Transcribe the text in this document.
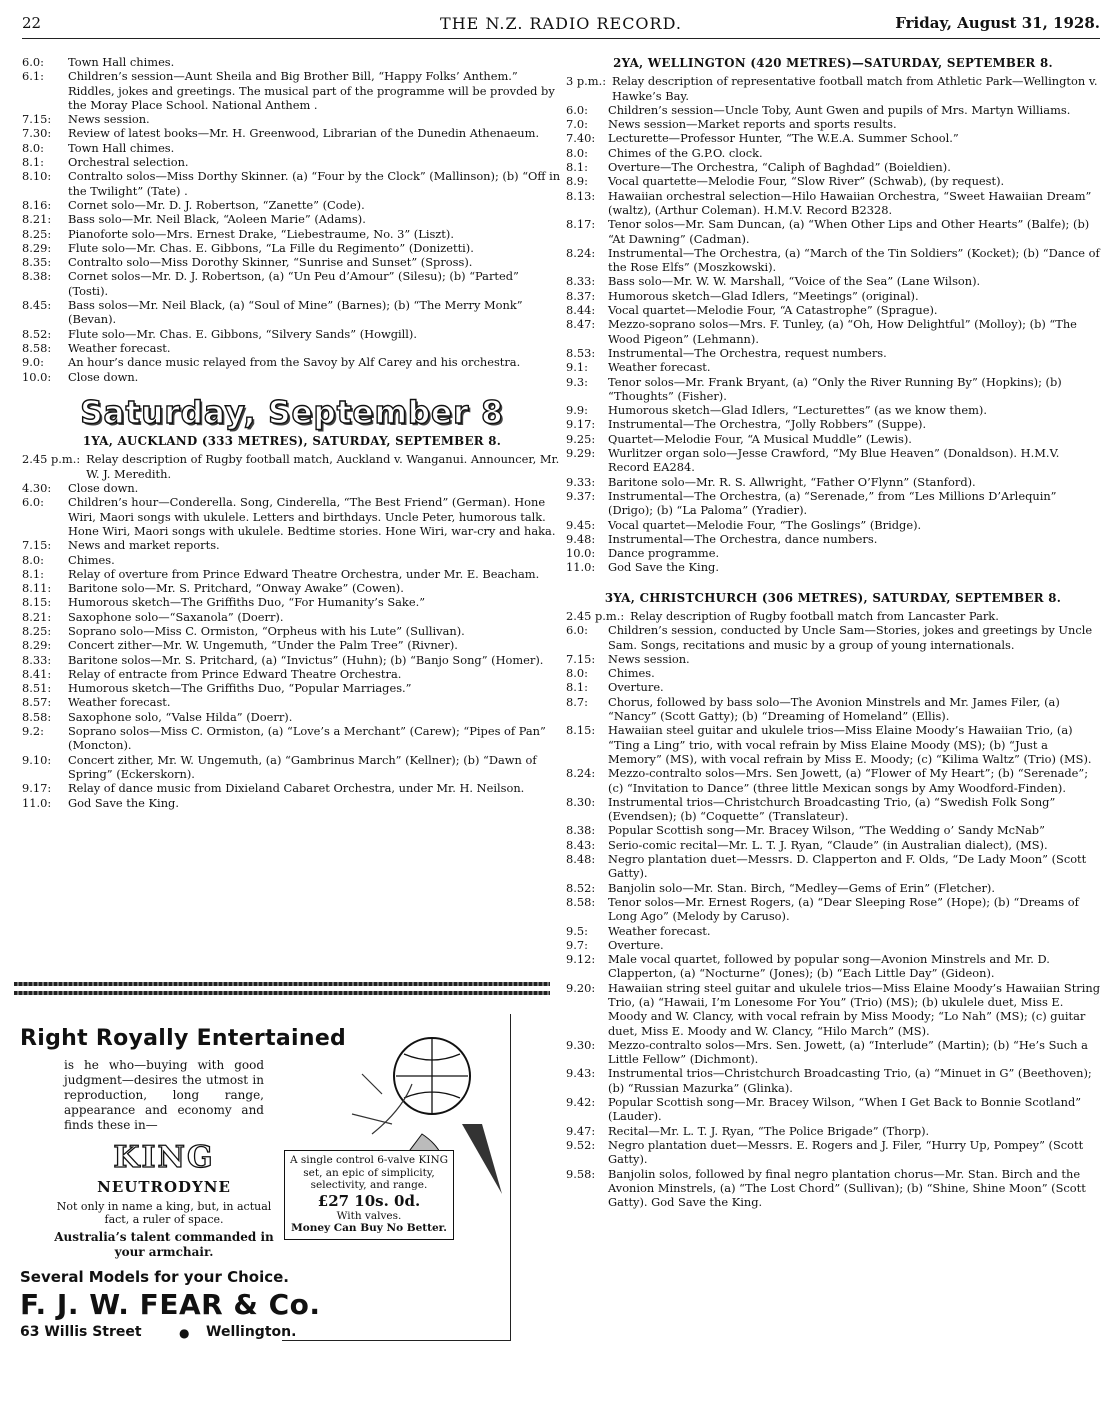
22	THE N.Z. RADIO RECORD.	Friday, August 31, 1928.
6.0:	Town Hall chimes.
6.1:	Children’s session—Aunt Sheila and Big Brother Bill, “Happy Folks’ Anthem.” Riddles, jokes and greetings. The musical part of the programme will be provded by the Moray Place School. National Anthem .
7.15:	News session.
7.30:	Review of latest books—Mr. H. Greenwood, Librarian of the Dunedin Athenaeum.
8.0:	Town Hall chimes.
8.1:	Orchestral selection.
8.10:	Contralto solos—Miss Dorthy Skinner. (a) “Four by the Clock” (Mallinson); (b) “Off in the Twilight” (Tate) .
8.16:	Cornet solo—Mr. D. J. Robertson, “Zanette” (Code).
8.21:	Bass solo—Mr. Neil Black, “Aoleen Marie” (Adams).
8.25:	Pianoforte solo—Mrs. Ernest Drake, “Liebestraume, No. 3” (Liszt).
8.29:	Flute solo—Mr. Chas. E. Gibbons, “La Fille du Regimento” (Donizetti).
8.35:	Contralto solo—Miss Dorothy Skinner, “Sunrise and Sunset” (Spross).
8.38:	Cornet solos—Mr. D. J. Robertson, (a) “Un Peu d’Amour” (Silesu); (b) “Parted” (Tosti).
8.45:	Bass solos—Mr. Neil Black, (a) “Soul of Mine” (Barnes); (b) “The Merry Monk” (Bevan).
8.52:	Flute solo—Mr. Chas. E. Gibbons, “Silvery Sands” (Howgill).
8.58:	Weather forecast.
9.0:	An hour’s dance music relayed from the Savoy by Alf Carey and his orchestra.
10.0:	Close down.
Saturday, September 8
1YA, AUCKLAND (333 METRES), SATURDAY, SEPTEMBER 8.
2.45 p.m.: Relay description of Rugby football match, Auckland v. Wanganui. Announcer, Mr. W. J. Meredith.
4.30:	Close down.
6.0:	Children’s hour—Conderella. Song, Cinderella, “The Best Friend” (German). Hone Wiri, Maori songs with ukulele. Letters and birthdays. Uncle Peter, humorous talk. Hone Wiri, Maori songs with ukulele. Bedtime stories. Hone Wiri, war-cry and haka.
7.15:	News and market reports.
8.0:	Chimes.
8.1:	Relay of overture from Prince Edward Theatre Orchestra, under Mr. E. Beacham.
8.11:	Baritone solo—Mr. S. Pritchard, “Onway Awake” (Cowen).
8.15:	Humorous sketch—The Griffiths Duo, “For Humanity’s Sake.”
8.21:	Saxophone solo—“Saxanola” (Doerr).
8.25:	Soprano solo—Miss C. Ormiston, “Orpheus with his Lute” (Sullivan).
8.29:	Concert zither—Mr. W. Ungemuth, “Under the Palm Tree” (Rivner).
8.33:	Baritone solos—Mr. S. Pritchard, (a) “Invictus” (Huhn); (b) “Banjo Song” (Homer).
8.41:	Relay of entracte from Prince Edward Theatre Orchestra.
8.51:	Humorous sketch—The Griffiths Duo, “Popular Marriages.”
8.57:	Weather forecast.
8.58:	Saxophone solo, “Valse Hilda” (Doerr).
9.2:	Soprano solos—Miss C. Ormiston, (a) “Love’s a Merchant” (Carew); “Pipes of Pan” (Moncton).
9.10:	Concert zither, Mr. W. Ungemuth, (a) “Gambrinus March” (Kellner); (b) “Dawn of Spring” (Eckerskorn).
9.17:	Relay of dance music from Dixieland Cabaret Orchestra, under Mr. H. Neilson.
11.0:	God Save the King.
Right Royally Entertained
is he who—buying with good judgment—desires the utmost in reproduction, long range, appearance and economy and finds these in—
KING
NEUTRODYNE
Not only in name a king, but, in actual fact, a ruler of space.
Australia’s talent commanded in your armchair.
A single control 6-valve KING set, an epic of simplicity, selectivity, and range.
£27 10s. 0d.
With valves.
Money Can Buy No Better.
Several Models for your Choice.
F. J. W. FEAR & Co.
63 Willis Street	● Wellington.
2YA, WELLINGTON (420 METRES)—SATURDAY, SEPTEMBER 8.
3 p.m.: Relay description of representative football match from Athletic Park—Wellington v. Hawke’s Bay.
6.0:	Children’s session—Uncle Toby, Aunt Gwen and pupils of Mrs. Martyn Williams.
7.0:	News session—Market reports and sports results.
7.40:	Lecturette—Professor Hunter, “The W.E.A. Summer School.”
8.0:	Chimes of the G.P.O. clock.
8.1:	Overture—The Orchestra, “Caliph of Baghdad” (Boieldien).
8.9:	Vocal quartette—Melodie Four, “Slow River” (Schwab), (by request).
8.13:	Hawaiian orchestral selection—Hilo Hawaiian Orchestra, “Sweet Hawaiian Dream” (waltz), (Arthur Coleman). H.M.V. Record B2328.
8.17:	Tenor solos—Mr. Sam Duncan, (a) “When Other Lips and Other Hearts” (Balfe); (b) “At Dawning” (Cadman).
8.24:	Instrumental—The Orchestra, (a) “March of the Tin Soldiers” (Kocket); (b) “Dance of the Rose Elfs” (Moszkowski).
8.33:	Bass solo—Mr. W. W. Marshall, “Voice of the Sea” (Lane Wilson).
8.37:	Humorous sketch—Glad Idlers, “Meetings” (original).
8.44:	Vocal quartet—Melodie Four, “A Catastrophe” (Sprague).
8.47:	Mezzo-soprano solos—Mrs. F. Tunley, (a) “Oh, How Delightful” (Molloy); (b) “The Wood Pigeon” (Lehmann).
8.53:	Instrumental—The Orchestra, request numbers.
9.1:	Weather forecast.
9.3:	Tenor solos—Mr. Frank Bryant, (a) “Only the River Running By” (Hopkins); (b) “Thoughts” (Fisher).
9.9:	Humorous sketch—Glad Idlers, “Lecturettes” (as we know them).
9.17:	Instrumental—The Orchestra, “Jolly Robbers” (Suppe).
9.25:	Quartet—Melodie Four, “A Musical Muddle” (Lewis).
9.29:	Wurlitzer organ solo—Jesse Crawford, “My Blue Heaven” (Donaldson). H.M.V. Record EA284.
9.33:	Baritone solo—Mr. R. S. Allwright, “Father O’Flynn” (Stanford).
9.37:	Instrumental—The Orchestra, (a) “Serenade,” from “Les Millions D’Arlequin” (Drigo); (b) “La Paloma” (Yradier).
9.45:	Vocal quartet—Melodie Four, “The Goslings” (Bridge).
9.48:	Instrumental—The Orchestra, dance numbers.
10.0:	Dance programme.
11.0:	God Save the King.
3YA, CHRISTCHURCH (306 METRES), SATURDAY, SEPTEMBER 8.
2.45 p.m.: Relay description of Rugby football match from Lancaster Park.
6.0:	Children’s session, conducted by Uncle Sam—Stories, jokes and greetings by Uncle Sam. Songs, recitations and music by a group of young internationals.
7.15:	News session.
8.0:	Chimes.
8.1:	Overture.
8.7:	Chorus, followed by bass solo—The Avonion Minstrels and Mr. James Filer, (a) “Nancy” (Scott Gatty); (b) “Dreaming of Homeland” (Ellis).
8.15:	Hawaiian steel guitar and ukulele trios—Miss Elaine Moody’s Hawaiian Trio, (a) “Ting a Ling” trio, with vocal refrain by Miss Elaine Moody (MS); (b) “Just a Memory” (MS), with vocal refrain by Miss E. Moody; (c) “Kilima Waltz” (Trio) (MS).
8.24:	Mezzo-contralto solos—Mrs. Sen Jowett, (a) “Flower of My Heart”; (b) “Serenade”; (c) “Invitation to Dance” (three little Mexican songs by Amy Woodford-Finden).
8.30:	Instrumental trios—Christchurch Broadcasting Trio, (a) “Swedish Folk Song” (Evendsen); (b) “Coquette” (Translateur).
8.38:	Popular Scottish song—Mr. Bracey Wilson, “The Wedding o’ Sandy McNab”
8.43:	Serio-comic recital—Mr. L. T. J. Ryan, “Claude” (in Australian dialect), (MS).
8.48:	Negro plantation duet—Messrs. D. Clapperton and F. Olds, “De Lady Moon” (Scott Gatty).
8.52:	Banjolin solo—Mr. Stan. Birch, “Medley—Gems of Erin” (Fletcher).
8.58:	Tenor solos—Mr. Ernest Rogers, (a) “Dear Sleeping Rose” (Hope); (b) “Dreams of Long Ago” (Melody by Caruso).
9.5:	Weather forecast.
9.7:	Overture.
9.12:	Male vocal quartet, followed by popular song—Avonion Minstrels and Mr. D. Clapperton, (a) “Nocturne” (Jones); (b) “Each Little Day” (Gideon).
9.20:	Hawaiian string steel guitar and ukulele trios—Miss Elaine Moody’s Hawaiian String Trio, (a) “Hawaii, I’m Lonesome For You” (Trio) (MS); (b) ukulele duet, Miss E. Moody and W. Clancy, with vocal refrain by Miss Moody; “Lo Nah” (MS); (c) guitar duet, Miss E. Moody and W. Clancy, “Hilo March” (MS).
9.30:	Mezzo-contralto solos—Mrs. Sen. Jowett, (a) “Interlude” (Martin); (b) “He’s Such a Little Fellow” (Dichmont).
9.43:	Instrumental trios—Christchurch Broadcasting Trio, (a) “Minuet in G” (Beethoven); (b) “Russian Mazurka” (Glinka).
9.42:	Popular Scottish song—Mr. Bracey Wilson, “When I Get Back to Bonnie Scotland” (Lauder).
9.47:	Recital—Mr. L. T. J. Ryan, “The Police Brigade” (Thorp).
9.52:	Negro plantation duet—Messrs. E. Rogers and J. Filer, “Hurry Up, Pompey” (Scott Gatty).
9.58:	Banjolin solos, followed by final negro plantation chorus—Mr. Stan. Birch and the Avonion Minstrels, (a) “The Lost Chord” (Sullivan); (b) “Shine, Shine Moon” (Scott Gatty). God Save the King.
